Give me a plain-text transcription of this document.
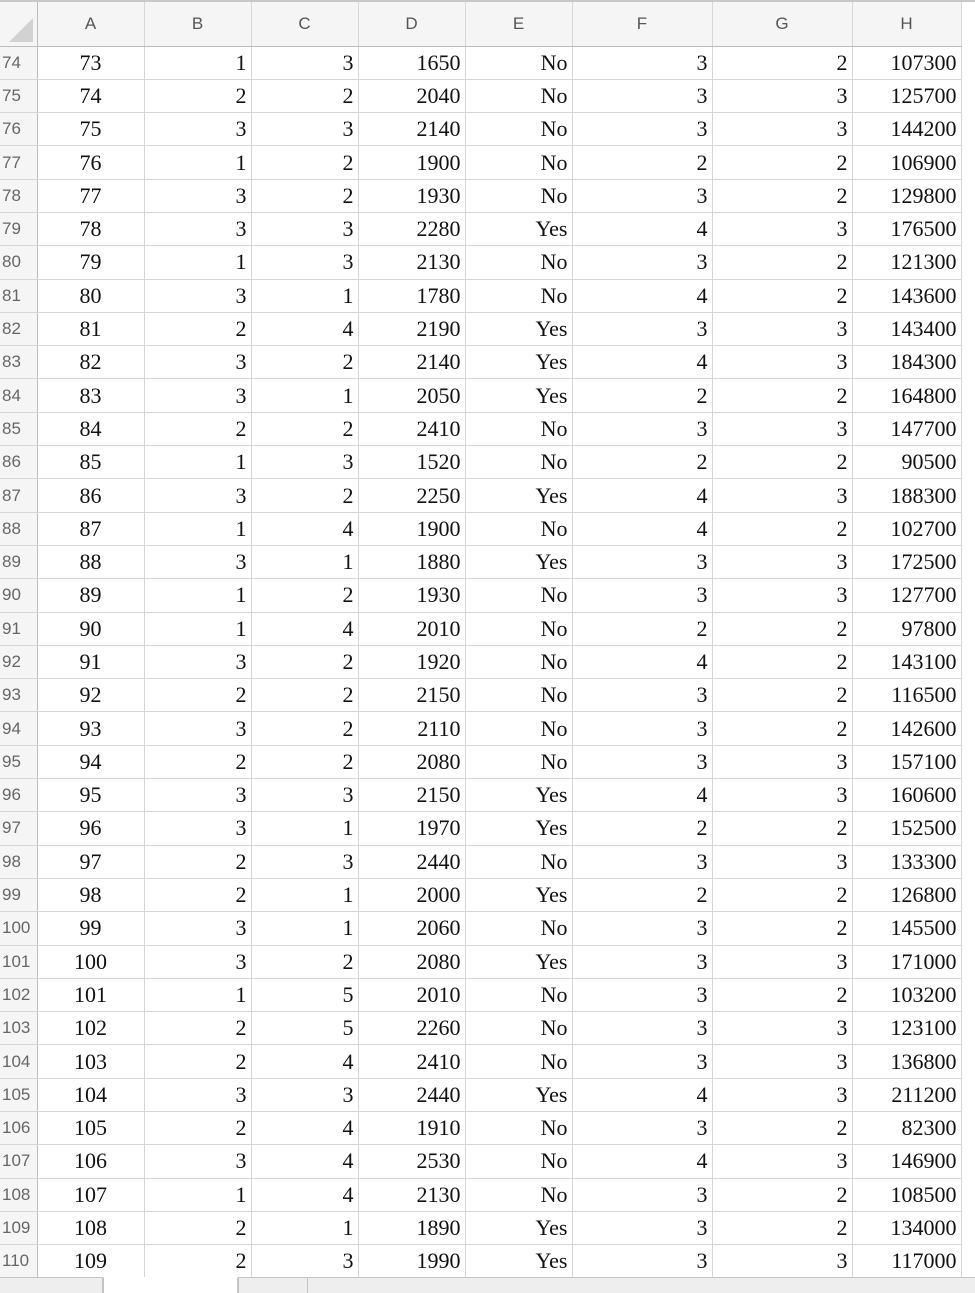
	A	B	C	D	E	F	G	H
74	73	1	3	1650	No	3	2	107300
75	74	2	2	2040	No	3	3	125700
76	75	3	3	2140	No	3	3	144200
77	76	1	2	1900	No	2	2	106900
78	77	3	2	1930	No	3	2	129800
79	78	3	3	2280	Yes	4	3	176500
80	79	1	3	2130	No	3	2	121300
81	80	3	1	1780	No	4	2	143600
82	81	2	4	2190	Yes	3	3	143400
83	82	3	2	2140	Yes	4	3	184300
84	83	3	1	2050	Yes	2	2	164800
85	84	2	2	2410	No	3	3	147700
86	85	1	3	1520	No	2	2	90500
87	86	3	2	2250	Yes	4	3	188300
88	87	1	4	1900	No	4	2	102700
89	88	3	1	1880	Yes	3	3	172500
90	89	1	2	1930	No	3	3	127700
91	90	1	4	2010	No	2	2	97800
92	91	3	2	1920	No	4	2	143100
93	92	2	2	2150	No	3	2	116500
94	93	3	2	2110	No	3	2	142600
95	94	2	2	2080	No	3	3	157100
96	95	3	3	2150	Yes	4	3	160600
97	96	3	1	1970	Yes	2	2	152500
98	97	2	3	2440	No	3	3	133300
99	98	2	1	2000	Yes	2	2	126800
100	99	3	1	2060	No	3	2	145500
101	100	3	2	2080	Yes	3	3	171000
102	101	1	5	2010	No	3	2	103200
103	102	2	5	2260	No	3	3	123100
104	103	2	4	2410	No	3	3	136800
105	104	3	3	2440	Yes	4	3	211200
106	105	2	4	1910	No	3	2	82300
107	106	3	4	2530	No	4	3	146900
108	107	1	4	2130	No	3	2	108500
109	108	2	1	1890	Yes	3	2	134000
110	109	2	3	1990	Yes	3	3	117000
